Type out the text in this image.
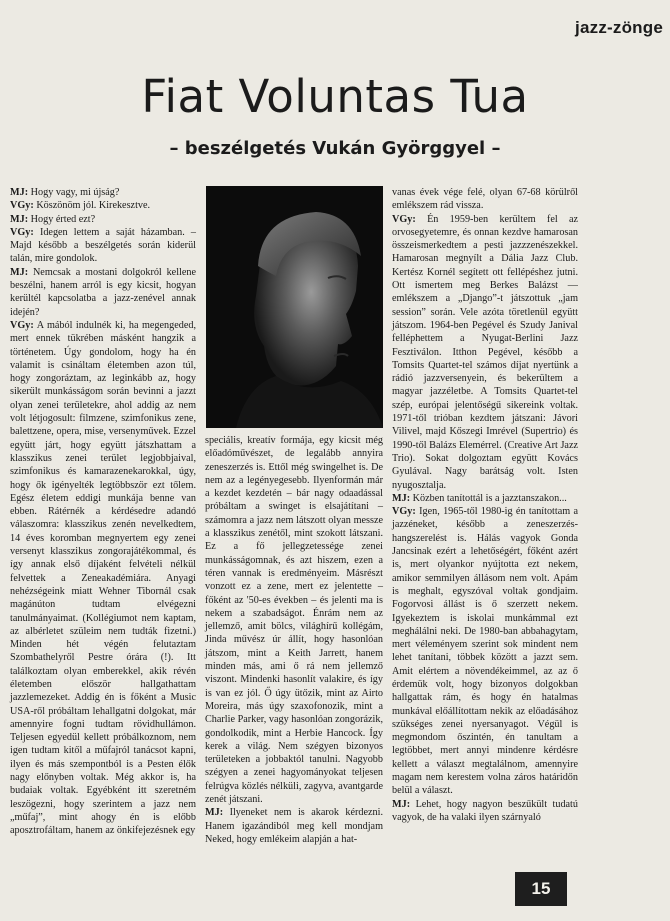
jazz-zönge
Fiat Voluntas Tua
– beszélgetés Vukán Györggyel –

MJ: Hogy vagy, mi újság?

VGy: Köszönöm jól. Kirekesztve.

MJ: Hogy érted ezt?

VGy: Idegen lettem a saját házamban. – Majd később a beszélgetés során kiderül talán, mire gondolok.

MJ: Nemcsak a mostani dolgokról kellene beszélni, hanem arról is egy kicsit, hogyan kerültél kapcsolatba a jazz-zenével annak idején?

VGy: A mából indulnék ki, ha megengeded, mert ennek tükrében másként hangzik a történetem. Úgy gondolom, hogy ha én valamit is csináltam életemben azon túl, hogy zongoráztam, az leginkább az, hogy sikerült munkásságom során bevinni a jazzt olyan zenei területekre, ahol addig az nem volt létjogosult: filmzene, szimfonikus zene, balettzene, opera, mise, versenyművek. Ezzel együtt járt, hogy együtt játszhattam a klasszikus zenei terület legjobbjaival, szimfonikus és kamarazenekarokkal, úgy, hogy ők igényelték legtöbbször ezt tőlem. Egész életem eddigi munkája benne van ebben. Rátérnék a kérdésedre adandó válaszomra: klasszikus zenén nevelkedtem, 14 éves koromban megnyertem egy zenei versenyt klasszikus zongorajátékommal, és így annak első díjaként felvételi nélkül felvettek a Zeneakadémiára. Anyagi nehézségeink miatt Wehner Tibornál csak magánúton tudtam elvégezni tanulmányaimat. (Kollégiumot nem kaptam, az albérletet szüleim nem tudták fizetni.) Minden hét végén felutaztam Szombathelyről Pestre órára (!). Itt találkoztam olyan emberekkel, akik révén életemben először hallgathattam jazzlemezeket. Addig én is főként a Music USA-ről próbáltam lehallgatni dolgokat, már amennyire fogni tudtam rövidhullámon. Teljesen egyedül kellett próbálkoznom, nem igen tudtam kitől a műfajról tanácsot kapni, ilyen és más szempontból is a Pesten élők nagy előnyben voltak. Még akkor is, ha budaiak voltak. Egyébként itt szeretném leszögezni, hogy szerintem a jazz nem „műfaj”, mint ahogy én is előbb aposztrofáltam, hanem az önkifejezésnek egy

speciális, kreatív formája, egy kicsit még előadóművészet, de legalább annyira zeneszerzés is. Ettől még swingelhet is. De nem az a legényegesebb. Ilyenformán már a kezdet kezdetén – bár nagy odaadással próbáltam a swinget is elsajátítani – számomra a jazz nem látszott olyan messze a klasszikus zenétől, mint szokott látszani. Ez a fő jellegzetessége zenei munkásságomnak, és azt hiszem, ezen a téren vannak is eredményeim. Másrészt vonzott ez a zene, mert ez jelentette – főként az '50-es években – és jelenti ma is nekem a szabadságot. Énrám nem az jellemző, amit bölcs, világhírű kollégám, Jinda művész úr állít, hogy hasonlóan játszom, mint a Keith Jarrett, hanem minden más, ami ő rá nem jellemző viszont. Mindenki hasonlít valakire, és így is van ez jól. Ő úgy ütőzik, mint az Airto Moreira, más úgy szaxofonozik, mint a Charlie Parker, vagy hasonlóan zongorázik, gondolkodik, mint a Herbie Hancock. Így kerek a világ. Nem szégyen bizonyos területeken a jobbaktól tanulni. Nagyobb szégyen a zenei hagyományokat teljesen felrúgva közlés nélküli, zagyva, avantgarde zenét játszani.

MJ: Ilyeneket nem is akarok kérdezni. Hanem igazándiból meg kell mondjam Neked, hogy emlékeim alapján a hat-

vanas évek vége felé, olyan 67-68 körülről emlékszem rád vissza.

VGy: Én 1959-ben kerültem fel az orvosegyetemre, és onnan kezdve hamarosan összeismerkedtem a pesti jazzzenészekkel. Hamarosan megnyílt a Dália Jazz Club. Kertész Kornél segített ott fellépéshez jutni. Ott ismertem meg Berkes Balázst — emlékszem a „Django”-t játszottuk „jam session” során. Vele azóta töretlenül együtt játszom. 1964-ben Pegével és Szudy Janival felléphettem a Nyugat-Berlini Jazz Fesztiválon. Itthon Pegével, később a Tomsits Quartet-tel számos díjat nyertünk a rádió jazzversenyein, és bekerültem a magyar jazzéletbe. A Tomsits Quartet-tel szép, európai jelentőségű sikereink voltak. 1971-től trióban kezdtem játszani: Jávori Vilivel, majd Kőszegi Imrével (Supertrio) és 1990-től Balázs Elemérrel. (Creative Art Jazz Trio). Sokat dolgoztam együtt Kovács Gyulával. Nagy barátság volt. Isten nyugosztalja.

MJ: Közben tanítottál is a jazztanszakon...

VGy: Igen, 1965-től 1980-ig én tanítottam a jazzéneket, később a zeneszerzés-hangszerelést is. Hálás vagyok Gonda Jancsinak ezért a lehetőségért, főként azért is, mert olyankor nyújtotta ezt nekem, amikor semmilyen állásom nem volt. Apám is meghalt, egyszóval voltak gondjaim. Fogorvosi állást is ő szerzett nekem. Igyekeztem is iskolai munkámmal ezt meghálálni neki. De 1980-ban abbahagytam, mert véleményem szerint sok mindent nem lehet tanítani, többek között a jazzt sem. Amit elértem a növendékeimmel, az az ő érdemük volt, hogy bizonyos dolgokban hallgattak rám, és hogy én hatalmas munkával előállítottam nekik az előadásához szükséges zenei nyersanyagot. Végül is megmondom őszintén, én tanultam a legtöbbet, mert annyi mindenre kérdésre kellett a választ megtalálnom, amennyire magam nem kerestem volna záros határidőn belül a választ.

MJ: Lehet, hogy nagyon beszűkült tudatú vagyok, de ha valaki ilyen szárnyaló

15
